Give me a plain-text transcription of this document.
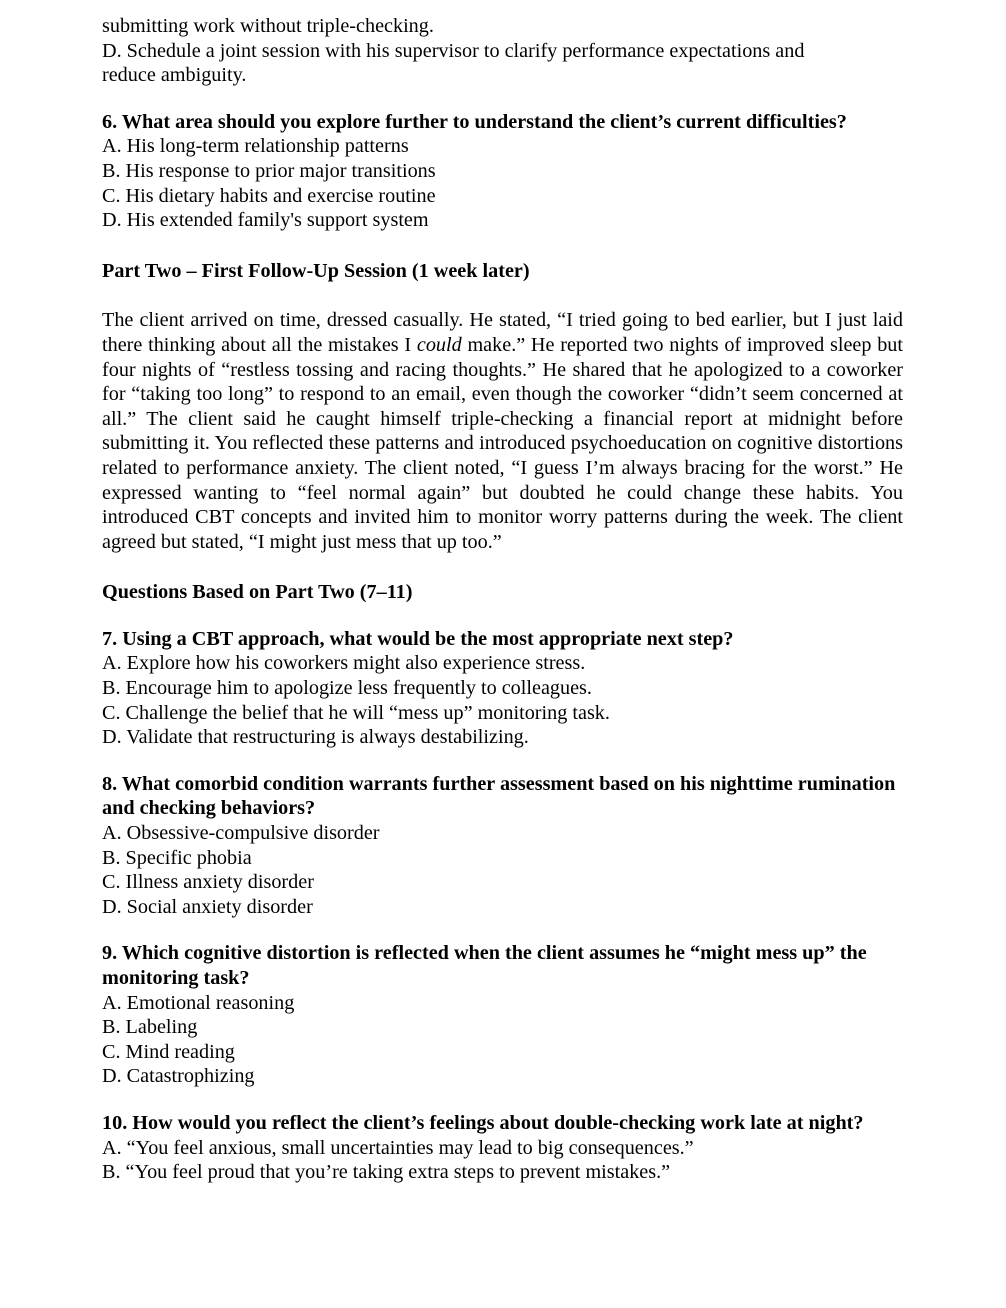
submitting work without triple-checking.
D. Schedule a joint session with his supervisor to clarify performance expectations and
reduce ambiguity.
6. What area should you explore further to understand the client’s current difficulties?
A. His long-term relationship patterns
B. His response to prior major transitions
C. His dietary habits and exercise routine
D. His extended family's support system
Part Two – First Follow-Up Session (1 week later)
The client arrived on time, dressed casually. He stated, “I tried going to bed earlier, but I just laid there thinking about all the mistakes I could make.” He reported two nights of improved sleep but four nights of “restless tossing and racing thoughts.” He shared that he apologized to a coworker for “taking too long” to respond to an email, even though the coworker “didn’t seem concerned at all.” The client said he caught himself triple-checking a financial report at midnight before submitting it. You reflected these patterns and introduced psychoeducation on cognitive distortions related to performance anxiety. The client noted, “I guess I’m always bracing for the worst.” He expressed wanting to “feel normal again” but doubted he could change these habits. You introduced CBT concepts and invited him to monitor worry patterns during the week. The client agreed but stated, “I might just mess that up too.”
Questions Based on Part Two (7–11)
7. Using a CBT approach, what would be the most appropriate next step?
A. Explore how his coworkers might also experience stress.
B. Encourage him to apologize less frequently to colleagues.
C. Challenge the belief that he will “mess up” monitoring task.
D. Validate that restructuring is always destabilizing.
8. What comorbid condition warrants further assessment based on his nighttime rumination and checking behaviors?
A. Obsessive-compulsive disorder
B. Specific phobia
C. Illness anxiety disorder
D. Social anxiety disorder
9. Which cognitive distortion is reflected when the client assumes he “might mess up” the monitoring task?
A. Emotional reasoning
B. Labeling
C. Mind reading
D. Catastrophizing
10. How would you reflect the client’s feelings about double-checking work late at night?
A. “You feel anxious, small uncertainties may lead to big consequences.”
B. “You feel proud that you’re taking extra steps to prevent mistakes.”
